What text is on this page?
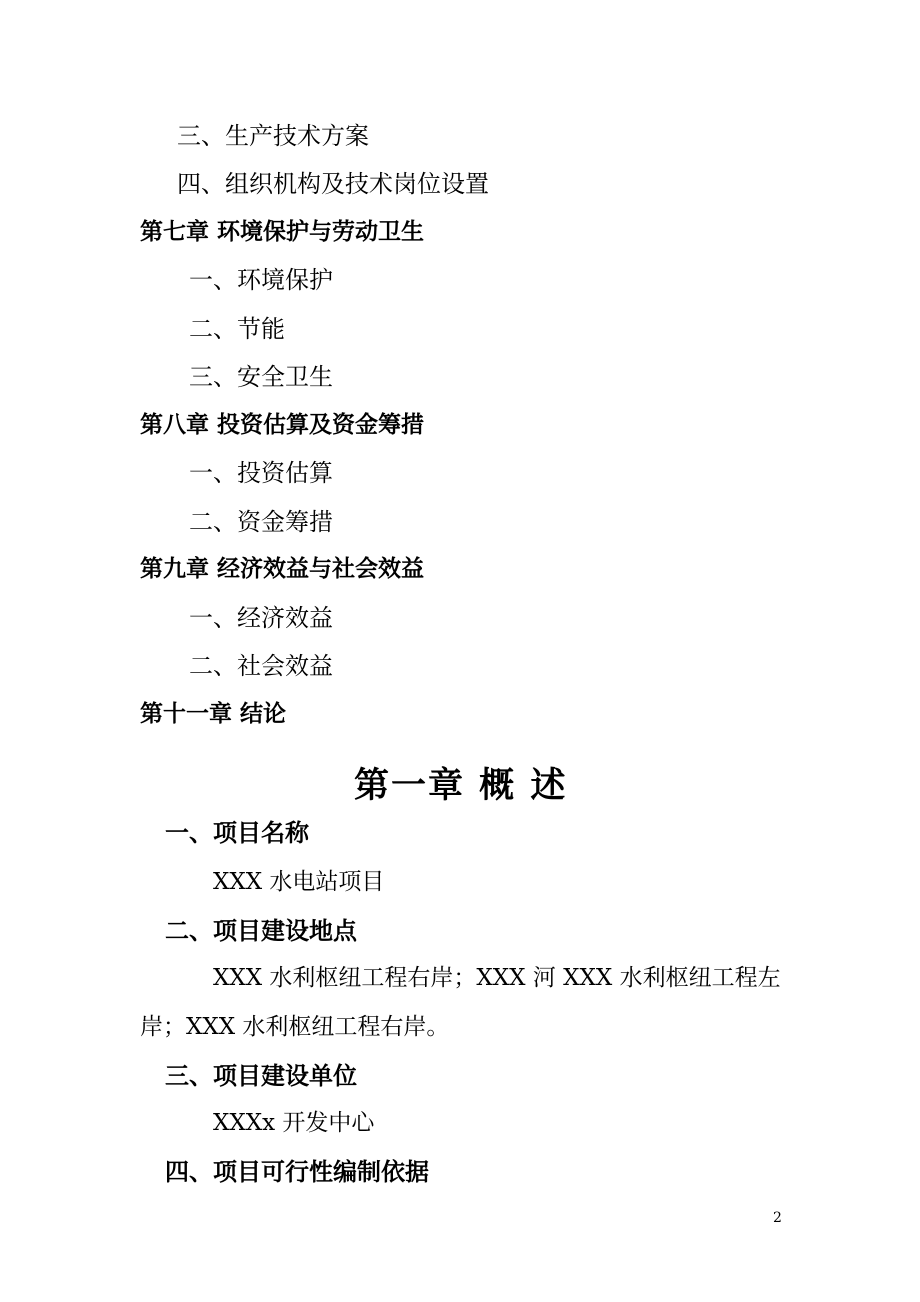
三、生产技术方案
四、组织机构及技术岗位设置
第七章 环境保护与劳动卫生
一、环境保护
二、节能
三、安全卫生
第八章 投资估算及资金筹措
一、投资估算
二、资金筹措
第九章 经济效益与社会效益
一、经济效益
二、社会效益
第十一章 结论
第一章 概 述
一、项目名称
XXX 水电站项目
二、项目建设地点
XXX 水利枢纽工程右岸；XXX 河 XXX 水利枢纽工程左
岸；XXX 水利枢纽工程右岸。
三、项目建设单位
XXXx 开发中心
四、项目可行性编制依据
2
